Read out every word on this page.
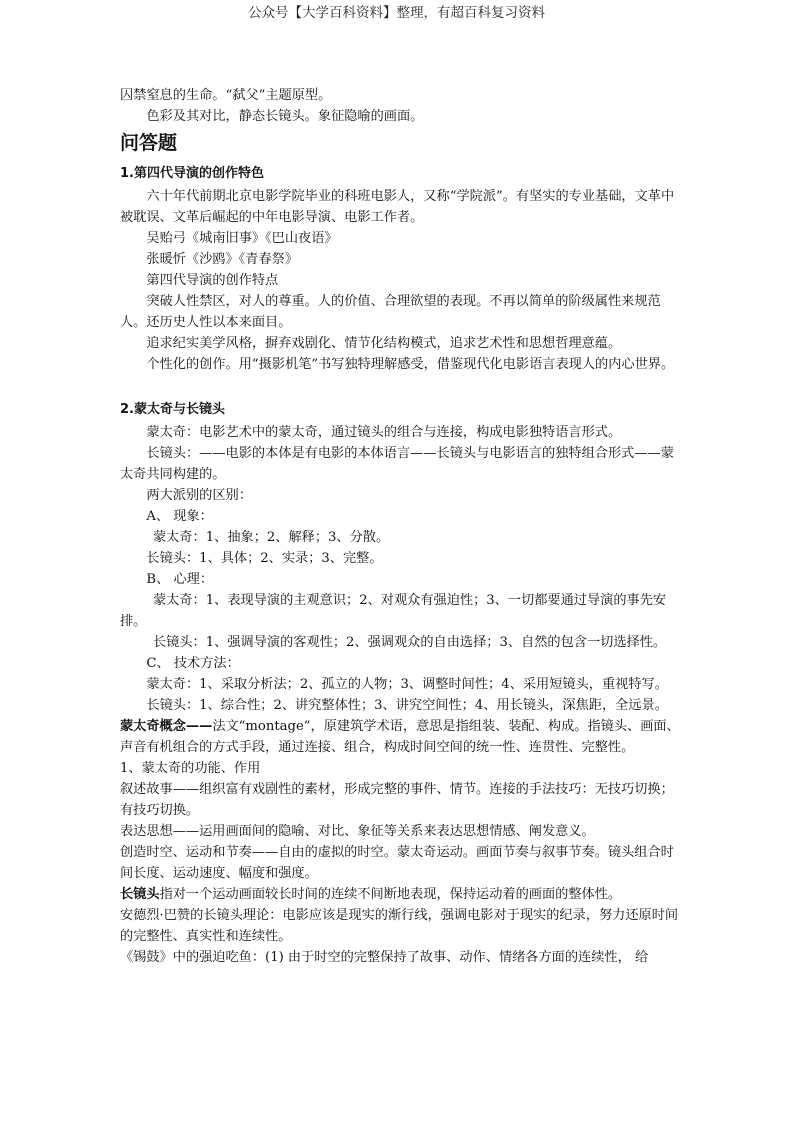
公众号【大学百科资料】整理，有超百科复习资料

囚禁窒息的生命。“弑父”主题原型。

色彩及其对比，静态长镜头。象征隐喻的画面。

问答题
1.第四代导演的创作特色

六十年代前期北京电影学院毕业的科班电影人，又称“学院派”。有坚实的专业基础，文革中被耽误、文革后崛起的中年电影导演、电影工作者。

吴贻弓《城南旧事》《巴山夜语》

张暖忻《沙鸥》《青春祭》

第四代导演的创作特点

突破人性禁区，对人的尊重。人的价值、合理欲望的表现。不再以简单的阶级属性来规范人。还历史人性以本来面目。

追求纪实美学风格，摒弃戏剧化、情节化结构模式，追求艺术性和思想哲理意蕴。

个性化的创作。用“摄影机笔”书写独特理解感受，借鉴现代化电影语言表现人的内心世界。

2.蒙太奇与长镜头

蒙太奇：电影艺术中的蒙太奇，通过镜头的组合与连接，构成电影独特语言形式。

长镜头：——电影的本体是有电影的本体语言——长镜头与电影语言的独特组合形式——蒙太奇共同构建的。

两大派别的区别：

A、 现象：

蒙太奇：1、抽象；2、解释；3、分散。

长镜头：1、具体；2、实录；3、完整。

B、 心理：

蒙太奇：1、表现导演的主观意识；2、对观众有强迫性；3、一切都要通过导演的事先安排。

长镜头：1、强调导演的客观性；2、强调观众的自由选择；3、自然的包含一切选择性。

C、 技术方法：

蒙太奇：1、采取分析法；2、孤立的人物；3、调整时间性；4、采用短镜头，重视特写。

长镜头：1、综合性；2、讲究整体性；3、讲究空间性；4、用长镜头，深焦距，全远景。

蒙太奇概念——法文“montage”，原建筑学术语，意思是指组装、装配、构成。指镜头、画面、声音有机组合的方式手段，通过连接、组合，构成时间空间的统一性、连贯性、完整性。

1、蒙太奇的功能、作用

叙述故事——组织富有戏剧性的素材，形成完整的事件、情节。连接的手法技巧：无技巧切换；有技巧切换。

表达思想——运用画面间的隐喻、对比、象征等关系来表达思想情感、阐发意义。

创造时空、运动和节奏——自由的虚拟的时空。蒙太奇运动。画面节奏与叙事节奏。镜头组合时间长度、运动速度、幅度和强度。

长镜头指对一个运动画面较长时间的连续不间断地表现，保持运动着的画面的整体性。

安德烈·巴赞的长镜头理论：电影应该是现实的渐行线，强调电影对于现实的纪录，努力还原时间的完整性、真实性和连续性。

《锡鼓》中的强迫吃鱼：(1) 由于时空的完整保持了故事、动作、情绪各方面的连续性， 给
